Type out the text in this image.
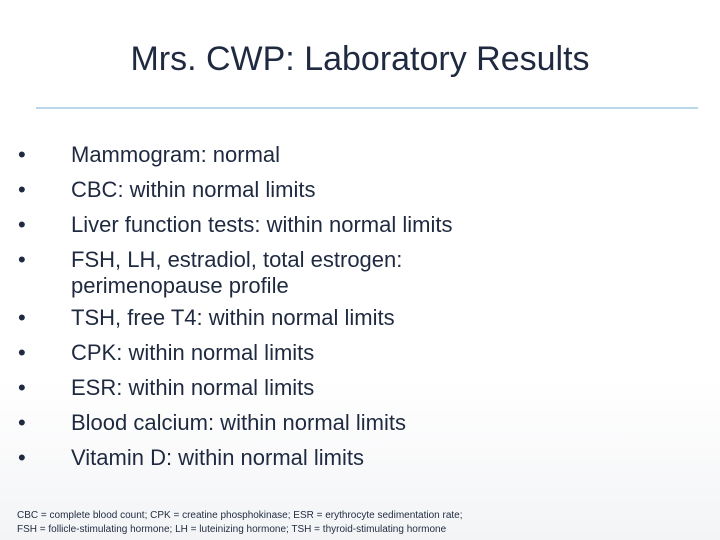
Mrs. CWP: Laboratory Results
•	Mammogram: normal
•	CBC: within normal limits
•	Liver function tests: within normal limits
•	FSH, LH, estradiol, total estrogen:
perimenopause profile
•	TSH, free T4: within normal limits
•	CPK: within normal limits
•	ESR: within normal limits
•	Blood calcium: within normal limits
•	Vitamin D: within normal limits
CBC = complete blood count; CPK = creatine phosphokinase; ESR = erythrocyte sedimentation rate;
FSH = follicle-stimulating hormone; LH = luteinizing hormone; TSH = thyroid-stimulating hormone
